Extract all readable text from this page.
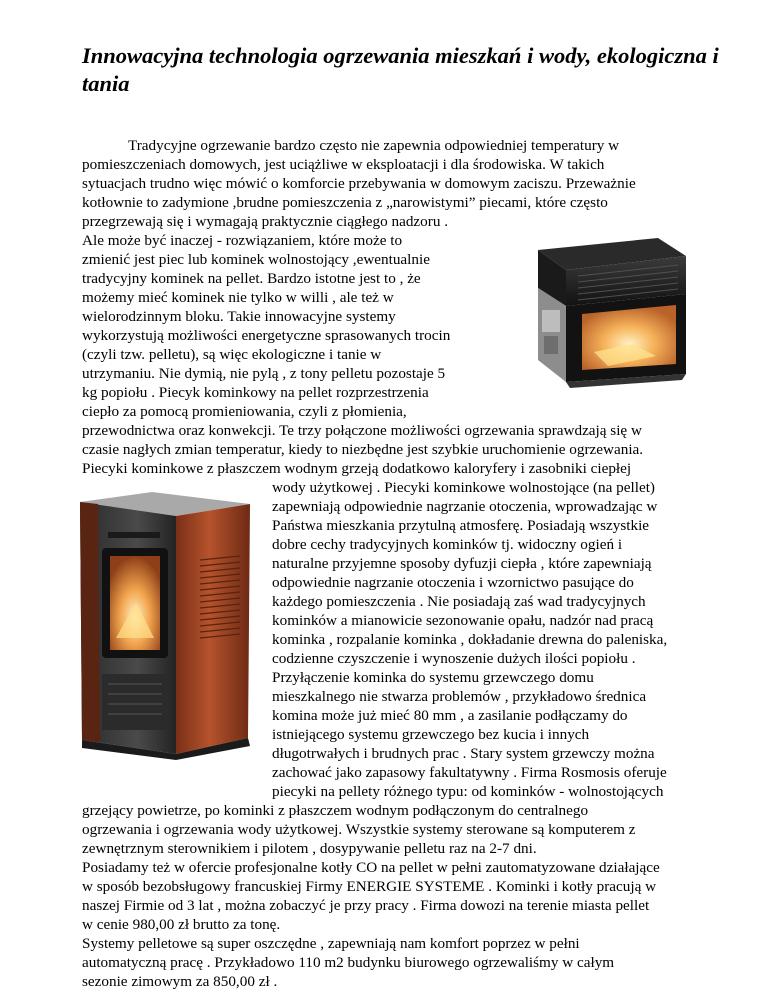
Innowacyjna technologia ogrzewania mieszkań i wody, ekologiczna i tania

Tradycyjne ogrzewanie bardzo często nie zapewnia odpowiedniej temperatury w

pomieszczeniach domowych, jest uciążliwe w eksploatacji i dla środowiska. W takich

sytuacjach trudno więc mówić o komforcie przebywania w domowym zaciszu. Przeważnie

kotłownie to zadymione ,brudne pomieszczenia z „narowistymi” piecami, które często

przegrzewają się i wymagają praktycznie ciągłego nadzoru .

Ale może być inaczej - rozwiązaniem, które może to

zmienić jest piec lub kominek wolnostojący ,ewentualnie

tradycyjny kominek na pellet. Bardzo istotne jest to , że

możemy mieć kominek nie tylko w willi , ale też w

wielorodzinnym bloku. Takie innowacyjne systemy

wykorzystują możliwości energetyczne sprasowanych trocin

(czyli tzw. pelletu), są więc ekologiczne i tanie w

utrzymaniu. Nie dymią, nie pylą , z tony pelletu pozostaje 5

kg popiołu . Piecyk kominkowy na pellet rozprzestrzenia

ciepło za pomocą promieniowania, czyli z płomienia,

przewodnictwa oraz konwekcji. Te trzy połączone możliwości ogrzewania sprawdzają się w

czasie nagłych zmian temperatur, kiedy to niezbędne jest szybkie uruchomienie ogrzewania.

Piecyki kominkowe z płaszczem wodnym grzeją dodatkowo kaloryfery i zasobniki ciepłej

wody użytkowej . Piecyki kominkowe wolnostojące (na pellet)

zapewniają odpowiednie nagrzanie otoczenia, wprowadzając w

Państwa mieszkania przytulną atmosferę. Posiadają wszystkie

dobre cechy tradycyjnych kominków tj. widoczny ogień i

naturalne przyjemne sposoby dyfuzji ciepła , które zapewniają

odpowiednie nagrzanie otoczenia i wzornictwo pasujące do

każdego pomieszczenia . Nie posiadają zaś wad tradycyjnych

kominków a mianowicie sezonowanie opału, nadzór nad pracą

kominka , rozpalanie kominka , dokładanie drewna do paleniska,

codzienne czyszczenie i wynoszenie dużych ilości popiołu .

Przyłączenie kominka do systemu grzewczego domu

mieszkalnego nie stwarza problemów , przykładowo średnica

komina może już mieć 80 mm , a zasilanie podłączamy do

istniejącego systemu grzewczego bez kucia i innych

długotrwałych i brudnych prac . Stary system grzewczy można

zachować jako zapasowy fakultatywny . Firma Rosmosis oferuje

piecyki na pellety różnego typu: od kominków - wolnostojących

grzejący powietrze, po kominki z płaszczem wodnym podłączonym do centralnego

ogrzewania i ogrzewania wody użytkowej. Wszystkie systemy sterowane są komputerem z

zewnętrznym sterownikiem i pilotem , dosypywanie pelletu raz na 2-7 dni.

Posiadamy też w ofercie profesjonalne kotły CO na pellet w pełni zautomatyzowane działające

w sposób bezobsługowy francuskiej Firmy ENERGIE SYSTEME . Kominki i kotły pracują w

naszej Firmie od 3 lat , można zobaczyć je przy pracy . Firma dowozi na terenie miasta pellet

w cenie 980,00 zł brutto za tonę.

Systemy pelletowe są super oszczędne , zapewniają nam komfort poprzez w pełni

automatyczną pracę . Przykładowo 110 m2 budynku biurowego ogrzewaliśmy w całym

sezonie zimowym za 850,00 zł .
